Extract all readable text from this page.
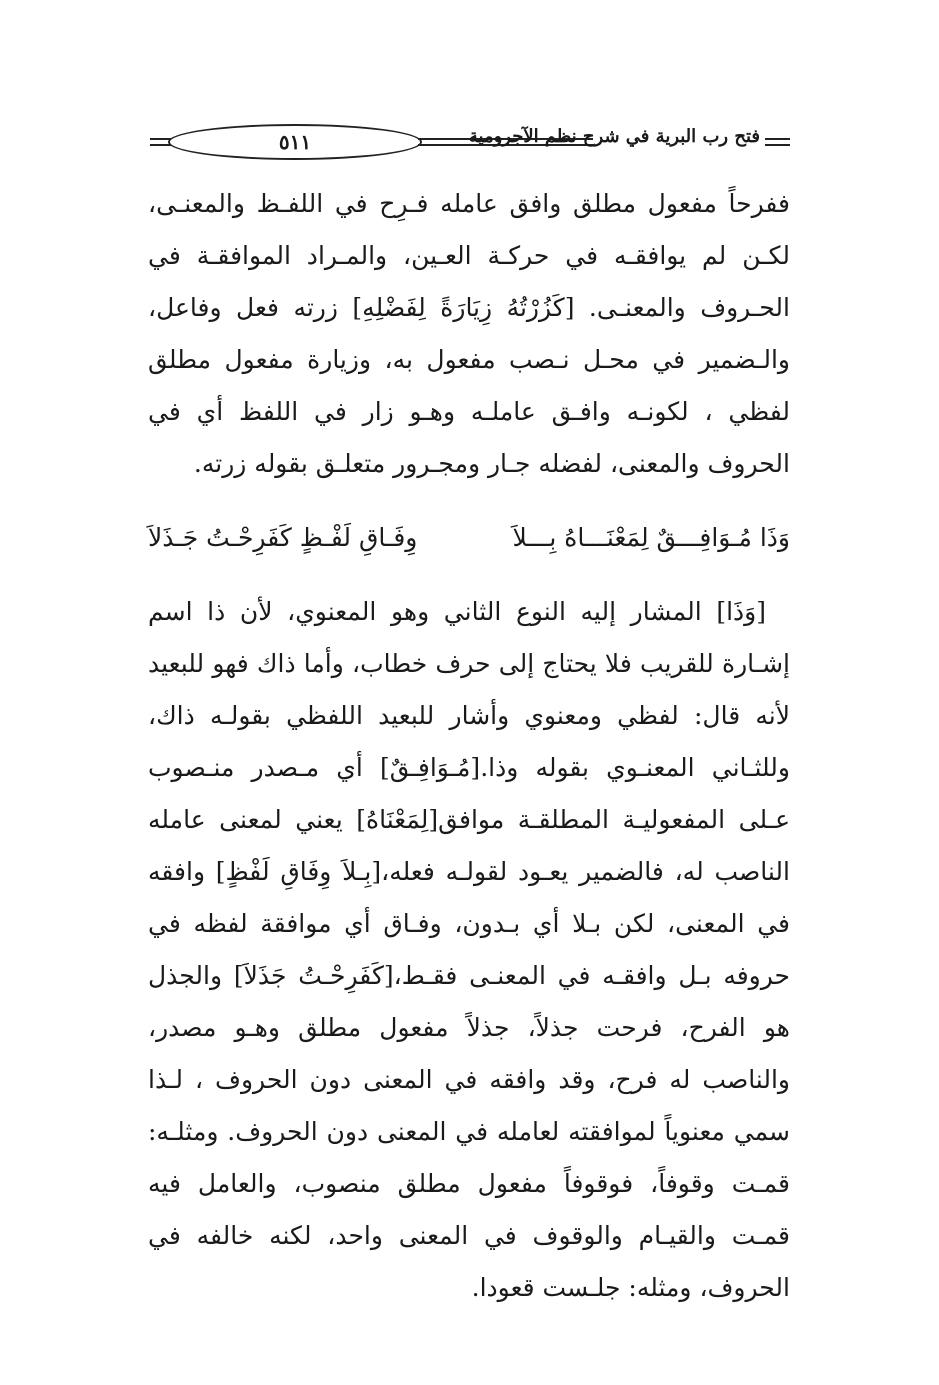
٥١١	فتح رب البرية في شرح نظم الآجرومية

ففرحاً مفعول مطلق وافق عامله فـرِح في اللفـظ والمعنـى، لكـن لم يوافقـه في حركـة العـين، والمـراد الموافقـة في الحـروف والمعنـى. [كَزُرْتُهُ زِيَارَةً لِفَضْلِهِ] زرته فعل وفاعل، والـضمير في محـل نـصب مفعول به، وزيارة مفعول مطلق لفظي ، لكونـه وافـق عاملـه وهـو زار في اللفظ أي في الحروف والمعنى، لفضله جـار ومجـرور متعلـق بقوله زرته.

وَذَا مُـوَافِـــقٌ لِمَعْنَـــاهُ بِـــلاَ
وِفَـاقِ لَفْـظٍ كَفَرِحْـتُ جَـذَلاَ

[وَذَا] المشار إليه النوع الثاني وهو المعنوي، لأن ذا اسم إشـارة للقريب فلا يحتاج إلى حرف خطاب، وأما ذاك فهو للبعيد لأنه قال: لفظي ومعنوي وأشار للبعيد اللفظي بقولـه ذاك، وللثـاني المعنـوي بقوله وذا.[مُـوَافِـقٌ] أي مـصدر منـصوب عـلى المفعوليـة المطلقـة موافق[لِمَعْنَاهُ] يعني لمعنى عامله الناصب له، فالضمير يعـود لقولـه فعله،[بِـلاَ وِفَاقِ لَفْظٍ] وافقه في المعنى، لكن بـلا أي بـدون، وفـاق أي موافقة لفظه في حروفه بـل وافقـه في المعنـى فقـط،[كَفَرِحْـتُ جَذَلاَ] والجذل هو الفرح، فرحت جذلاً، جذلاً مفعول مطلق وهـو مصدر، والناصب له فرح، وقد وافقه في المعنى دون الحروف ، لـذا سمي معنوياً لموافقته لعامله في المعنى دون الحروف. ومثلـه: قمـت وقوفاً، فوقوفاً مفعول مطلق منصوب، والعامل فيه قمـت والقيـام والوقوف في المعنى واحد، لكنه خالفه في الحروف، ومثله: جلـست قعودا.
